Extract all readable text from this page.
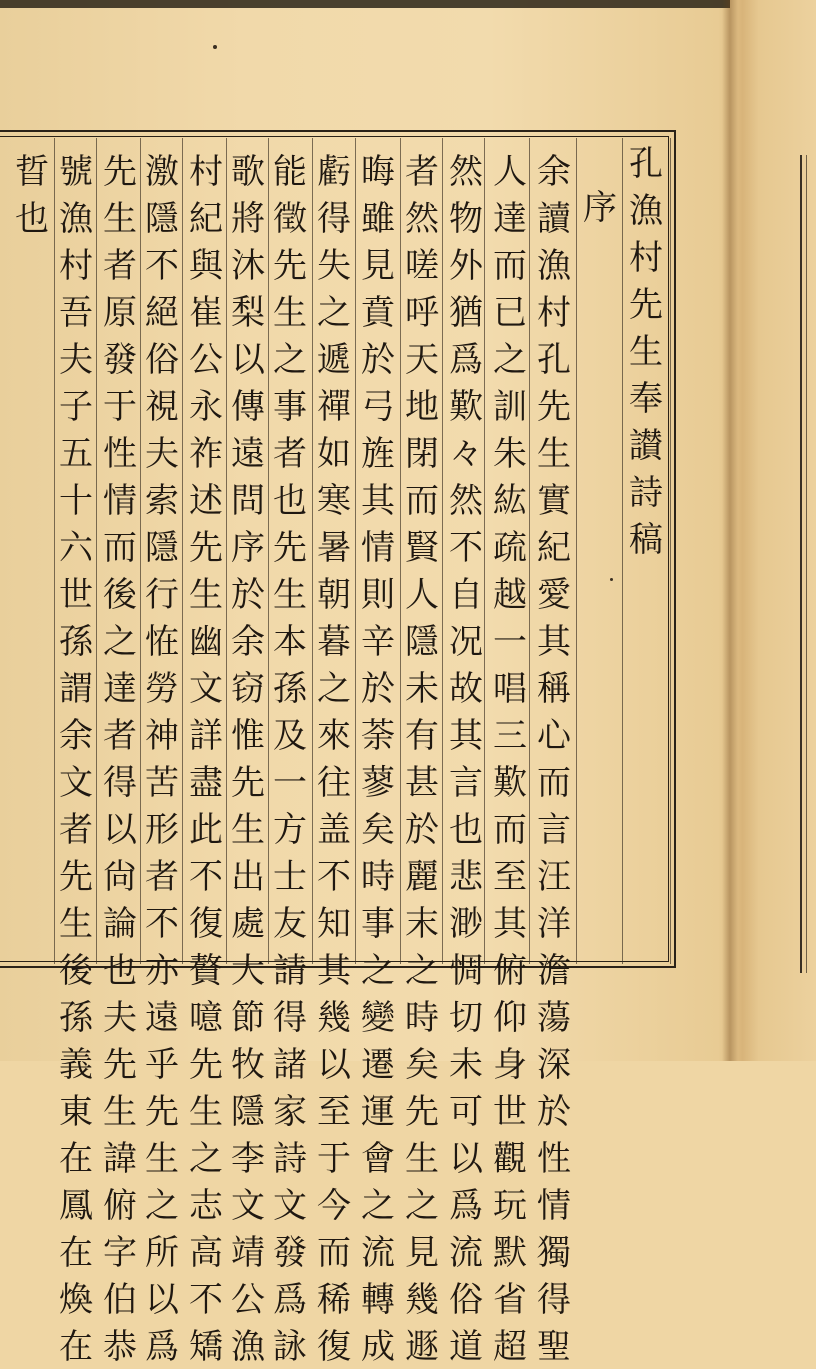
孔
漁
村
先
生
奉
讃
詩
稿
序
余
讀
漁
村
孔
先
生
實
紀
愛
其
稱
心
而
言
汪
洋
澹
蕩
深
於
性
情
獨
得
聖
人
達
而
已
之
訓
朱
紘
疏
越
一
唱
三
歎
而
至
其
俯
仰
身
世
觀
玩
默
省
超
然
物
外
猶
爲
歎
々
然
不
自
况
故
其
言
也
悲
渺
惆
切
未
可
以
爲
流
俗
道
者
然
嗟
呼
天
地
閉
而
賢
人
隱
未
有
甚
於
麗
末
之
時
矣
先
生
之
見
幾
遯
晦
雖
見
賁
於
弓
旌
其
情
則
辛
於
荼
蓼
矣
時
事
之
變
遷
運
會
之
流
轉
成
虧
得
失
之
遞
禪
如
寒
暑
朝
暮
之
來
往
盖
不
知
其
幾
以
至
于
今
而
稀
復
能
徵
先
生
之
事
者
也
先
生
本
孫
及
一
方
士
友
請
得
諸
家
詩
文
發
爲
詠
歌
將
沐
梨
以
傳
遠
問
序
於
余
窃
惟
先
生
出
處
大
節
牧
隱
李
文
靖
公
漁
村
紀
與
崔
公
永
祚
述
先
生
幽
文
詳
盡
此
不
復
贅
噫
先
生
之
志
高
不
矯
激
隱
不
絕
俗
視
夫
索
隱
行
恠
勞
神
苦
形
者
不
亦
遠
乎
先
生
之
所
以
爲
先
生
者
原
發
于
性
情
而
後
之
達
者
得
以
尙
論
也
夫
先
生
諱
俯
字
伯
恭
號
漁
村
吾
夫
子
五
十
六
世
孫
謂
余
文
者
先
生
後
孫
義
東
在
鳳
在
煥
在
晢
也
